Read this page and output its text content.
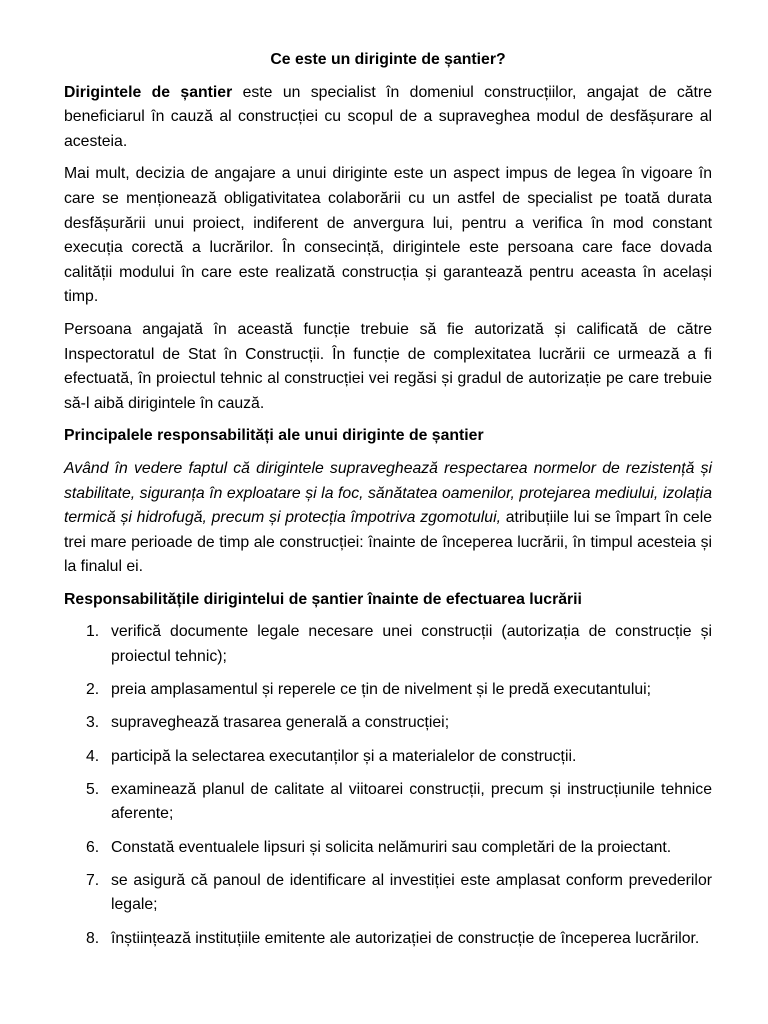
Ce este un diriginte de șantier?

Dirigintele de șantier este un specialist în domeniul construcțiilor, angajat de către beneficiarul în cauză al construcției cu scopul de a supraveghea modul de desfășurare al acesteia.

Mai mult, decizia de angajare a unui diriginte este un aspect impus de legea în vigoare în care se menționează obligativitatea colaborării cu un astfel de specialist pe toată durata desfășurării unui proiect, indiferent de anvergura lui, pentru a verifica în mod constant execuția corectă a lucrărilor. În consecință, dirigintele este persoana care face dovada calității modului în care este realizată construcția și garantează pentru aceasta în același timp.

Persoana angajată în această funcție trebuie să fie autorizată și calificată de către Inspectoratul de Stat în Construcții. În funcție de complexitatea lucrării ce urmează a fi efectuată, în proiectul tehnic al construcției vei regăsi și gradul de autorizație pe care trebuie să-l aibă dirigintele în cauză.

Principalele responsabilități ale unui diriginte de șantier

Având în vedere faptul că dirigintele supraveghează respectarea normelor de rezistență și stabilitate, siguranța în exploatare și la foc, sănătatea oamenilor, protejarea mediului, izolația termică și hidrofugă, precum și protecția împotriva zgomotului, atribuțiile lui se împart în cele trei mare perioade de timp ale construcției: înainte de începerea lucrării, în timpul acesteia și la finalul ei.

Responsabilitățile dirigintelui de șantier înainte de efectuarea lucrării
1. verifică documente legale necesare unei construcții (autorizația de construcție și proiectul tehnic);
2. preia amplasamentul și reperele ce țin de nivelment și le predă executantului;
3. supraveghează trasarea generală a construcției;
4. participă la selectarea executanților și a materialelor de construcții.
5. examinează planul de calitate al viitoarei construcții, precum și instrucțiunile tehnice aferente;
6. Constată eventualele lipsuri și solicita nelămuriri sau completări de la proiectant.
7. se asigură că panoul de identificare al investiției este amplasat conform prevederilor legale;
8. înștiințează instituțiile emitente ale autorizației de construcție de începerea lucrărilor.
